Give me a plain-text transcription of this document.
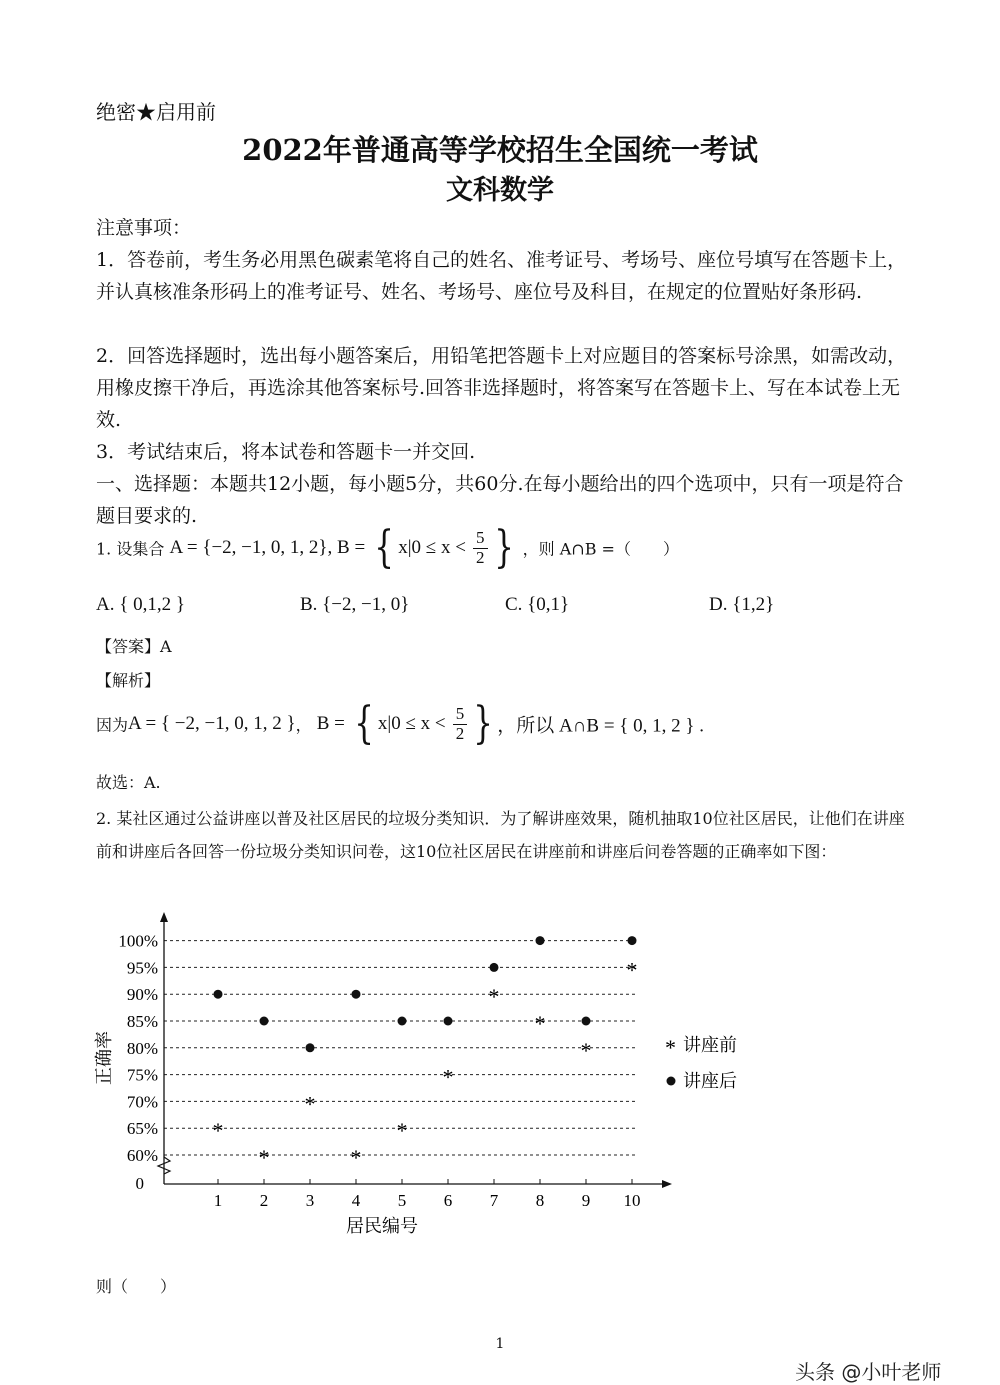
绝密★启用前
2022年普通高等学校招生全国统一考试
文科数学
注意事项：
1．答卷前，考生务必用黑色碳素笔将自己的姓名、准考证号、考场号、座位号填写在答题卡上，并认真核准条形码上的准考证号、姓名、考场号、座位号及科目，在规定的位置贴好条形码.
2．回答选择题时，选出每小题答案后，用铅笔把答题卡上对应题目的答案标号涂黑，如需改动，用橡皮擦干净后，再选涂其他答案标号.回答非选择题时，将答案写在答题卡上、写在本试卷上无效.
3．考试结束后，将本试卷和答题卡一并交回.
一、选择题：本题共12小题，每小题5分，共60分.在每小题给出的四个选项中，只有一项是符合题目要求的.
1. 设集合 A = {−2, −1, 0, 1, 2}, B = { $x|0 \le x < \frac{5}{2}$ } ，则 A∩B =（　　）
A. { 0,1,2 }	B. {−2, −1, 0}	C. {0,1}	D. {1,2}
【答案】A
【解析】
因为A = { −2, −1, 0, 1, 2 }， B = { $x|0 \le x < \frac{5}{2}$ } ，所以 A∩B = { 0, 1, 2 } .
故选：A.
2. 某社区通过公益讲座以普及社区居民的垃圾分类知识．为了解讲座效果，随机抽取10位社区居民，让他们在讲座前和讲座后各回答一份垃圾分类知识问卷，这10位社区居民在讲座前和讲座后问卷答题的正确率如下图：
0
60%
65%
70%
75%
80%
85%
90%
95%
100%
1 2 3 4 5 6 7 8 9 10
居民编号
正确率
*
*
*
*
*
*
*
*
*
*
* 讲座前
讲座后
则（　　）
1
头条 @小叶老师
